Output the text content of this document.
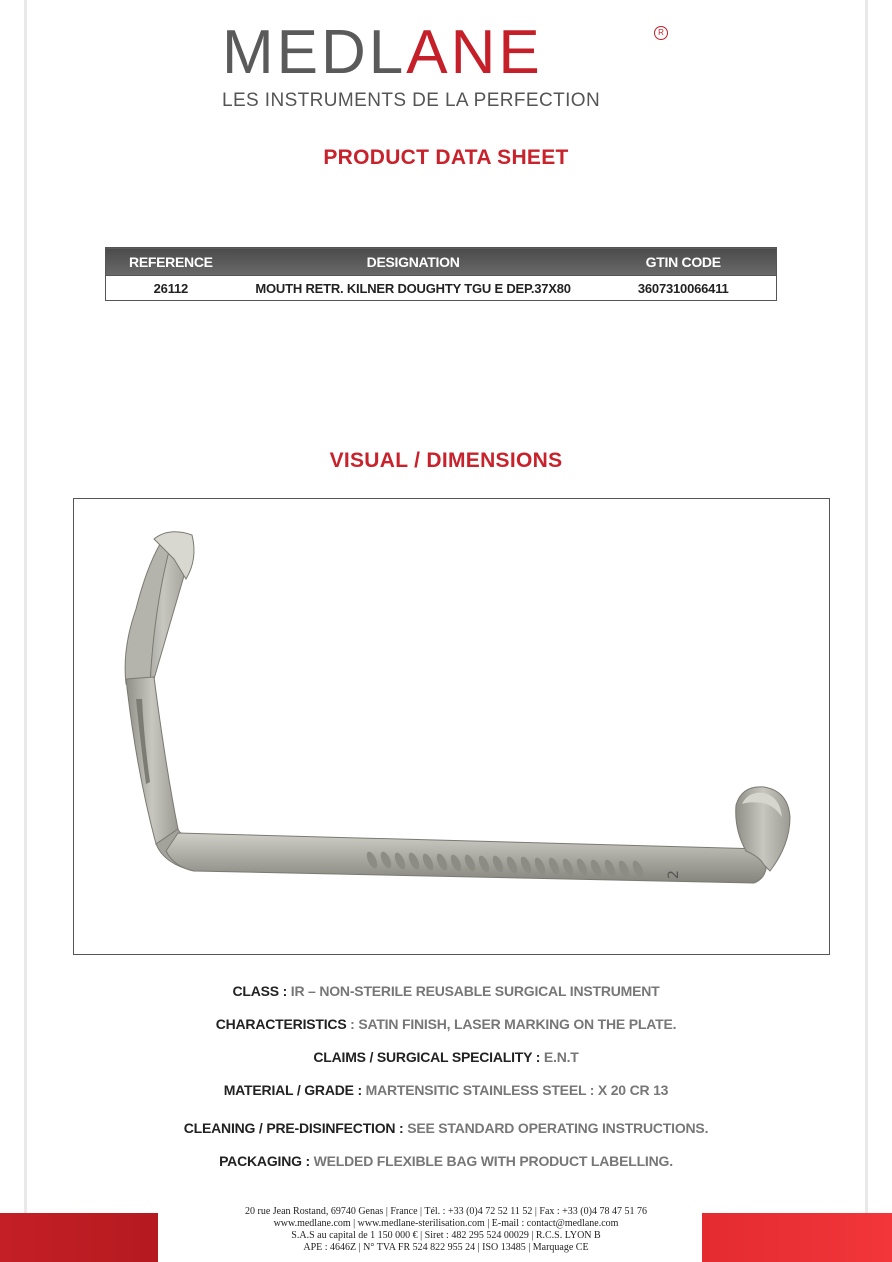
MEDLANE	R
LES INSTRUMENTS DE LA PERFECTION
PRODUCT DATA SHEET
REFERENCE	DESIGNATION	GTIN CODE
26112	MOUTH RETR. KILNER DOUGHTY TGU E DEP.37X80	3607310066411
VISUAL / DIMENSIONS
2
CLASS : IR – NON-STERILE REUSABLE SURGICAL INSTRUMENT
CHARACTERISTICS : SATIN FINISH, LASER MARKING ON THE PLATE.
CLAIMS / SURGICAL SPECIALITY : E.N.T
MATERIAL / GRADE : MARTENSITIC STAINLESS STEEL : X 20 CR 13
CLEANING / PRE-DISINFECTION : SEE STANDARD OPERATING INSTRUCTIONS.
PACKAGING : WELDED FLEXIBLE BAG WITH PRODUCT LABELLING.
20 rue Jean Rostand, 69740 Genas | France | Tél. : +33 (0)4 72 52 11 52 | Fax : +33 (0)4 78 47 51 76
www.medlane.com | www.medlane-sterilisation.com | E-mail : contact@medlane.com
S.A.S au capital de 1 150 000 € | Siret : 482 295 524 00029 | R.C.S. LYON B
APE : 4646Z | N° TVA FR 524 822 955 24 | ISO 13485 | Marquage CE
